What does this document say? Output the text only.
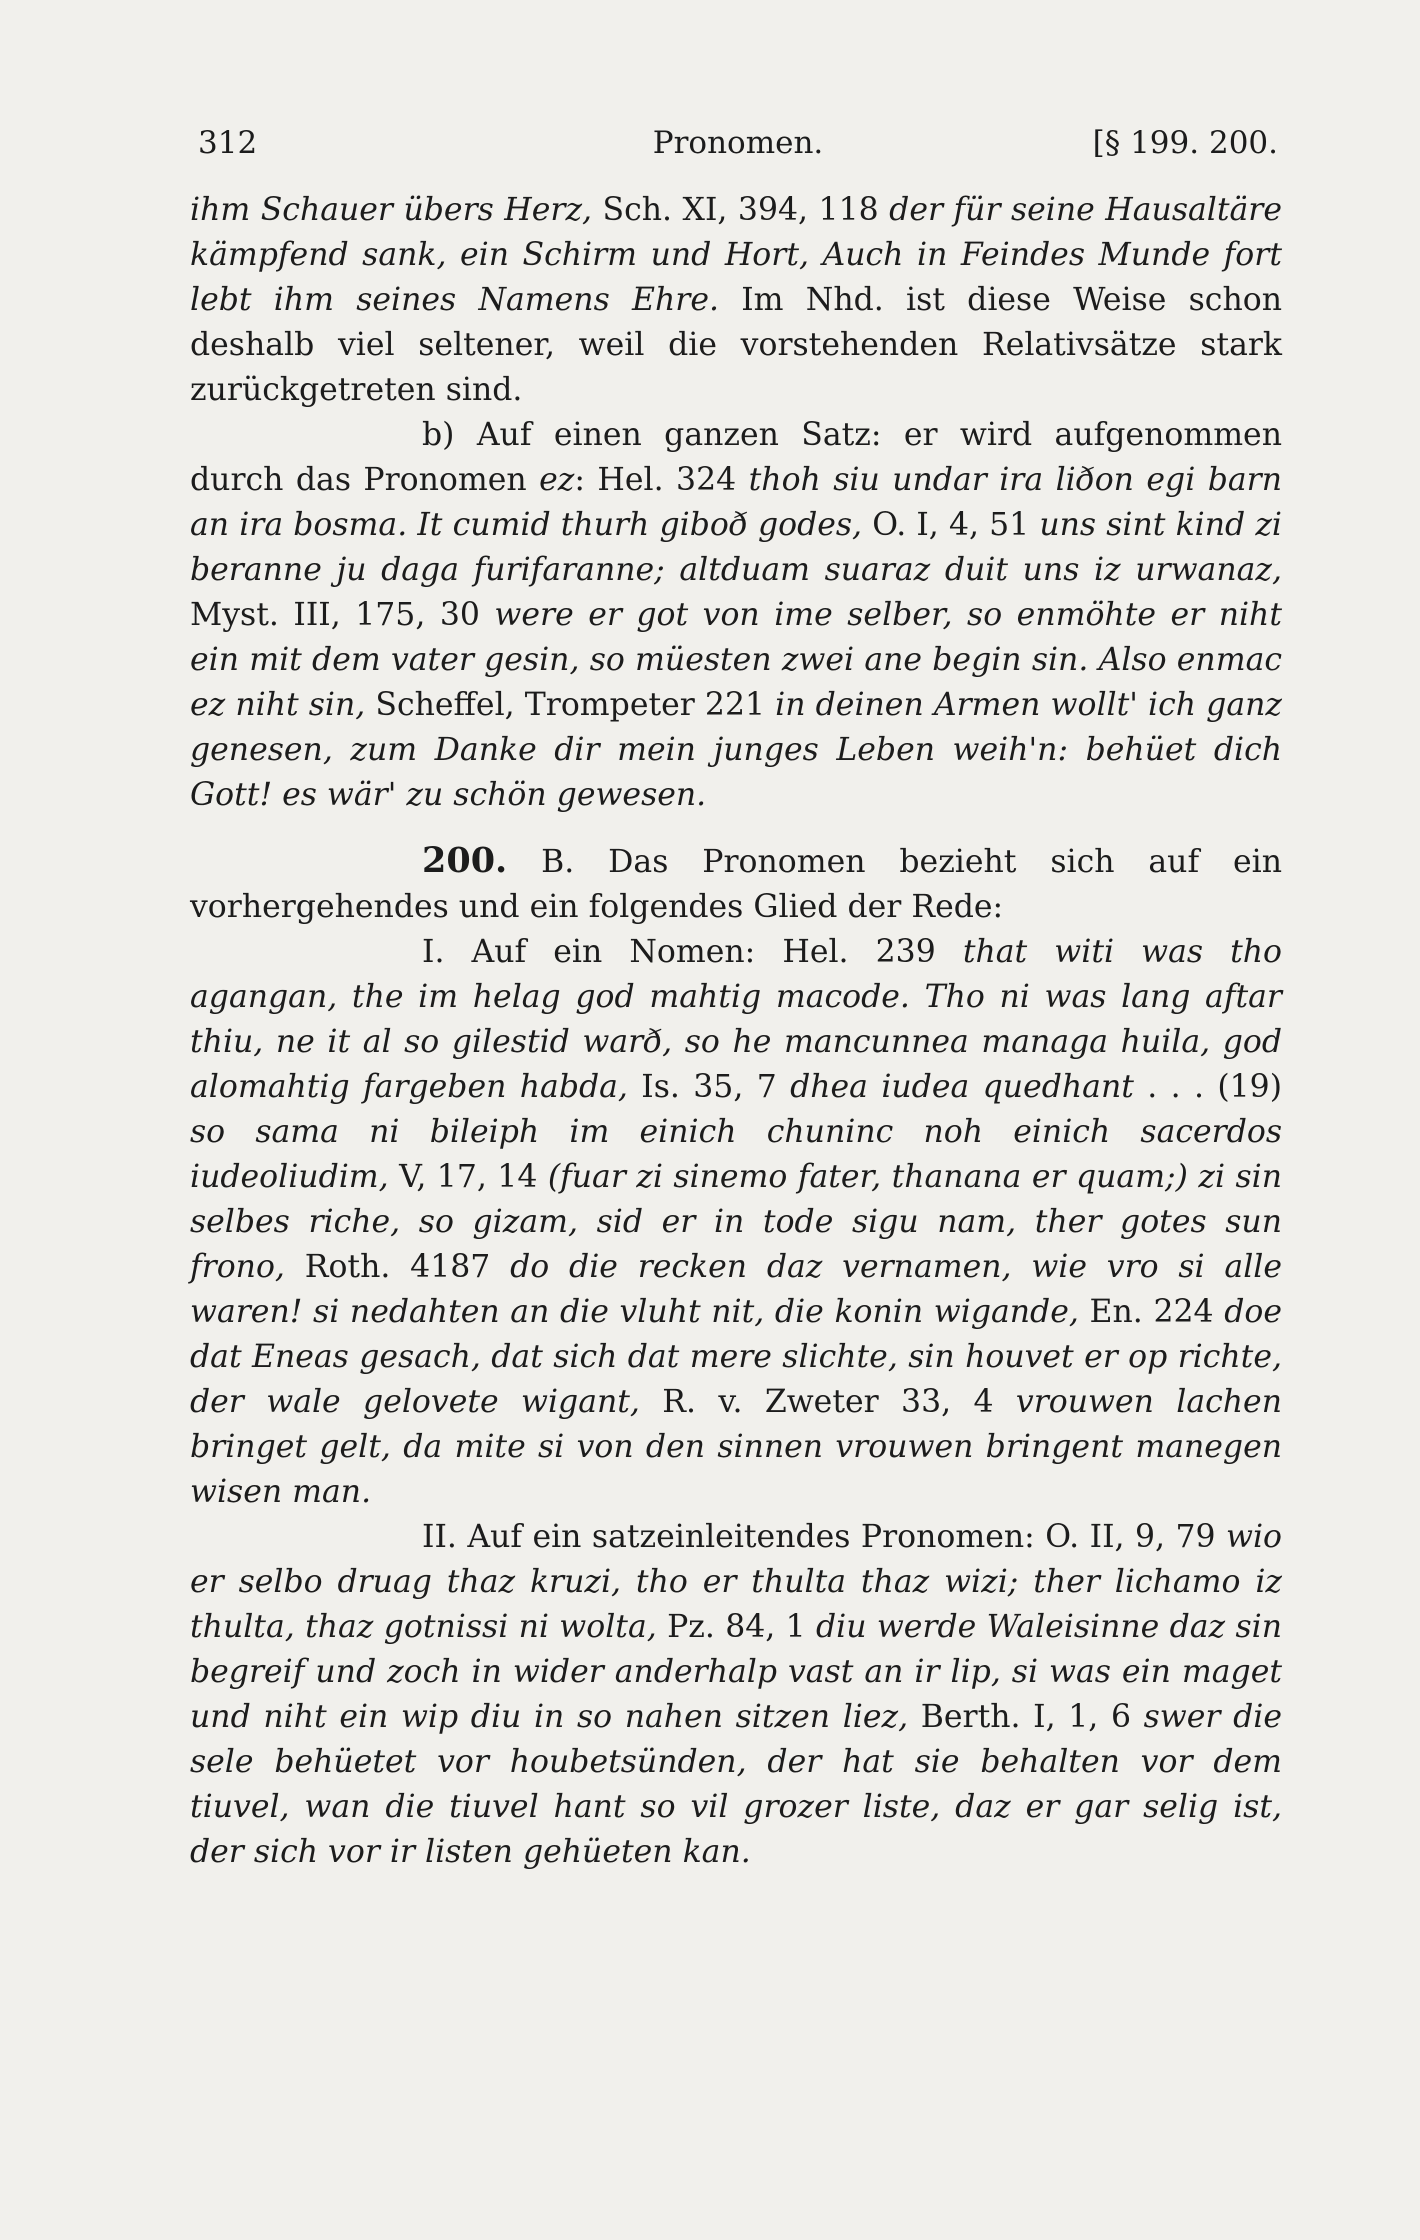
312	Pronomen.	[§ 199. 200.

ihm Schauer übers Herz, Sch. XI, 394, 118 der für seine Hausaltäre kämpfend sank, ein Schirm und Hort, Auch in Feindes Munde fort lebt ihm seines Namens Ehre. Im Nhd. ist diese Weise schon deshalb viel seltener, weil die vorstehenden Relativsätze stark zurückgetreten sind.

b) Auf einen ganzen Satz: er wird aufgenommen durch das Pronomen ez: Hel. 324 thoh siu undar ira liðon egi barn an ira bosma. It cumid thurh giboð godes, O. I, 4, 51 uns sint kind zi beranne ju daga furifaranne; altduam suaraz duit uns iz urwanaz, Myst. III, 175, 30 were er got von ime selber, so enmöhte er niht ein mit dem vater gesin, so müesten zwei ane begin sin. Also enmac ez niht sin, Scheffel, Trompeter 221 in deinen Armen wollt' ich ganz genesen, zum Danke dir mein junges Leben weih'n: behüet dich Gott! es wär' zu schön gewesen.

200. B. Das Pronomen bezieht sich auf ein vorhergehendes und ein folgendes Glied der Rede:

I. Auf ein Nomen: Hel. 239 that witi was tho agangan, the im helag god mahtig macode. Tho ni was lang aftar thiu, ne it al so gilestid warð, so he mancunnea managa huila, god alomahtig fargeben habda, Is. 35, 7 dhea iudea quedhant . . . (19) so sama ni bileiph im einich chuninc noh einich sacerdos iudeoliudim, V, 17, 14 (fuar zi sinemo fater, thanana er quam;) zi sin selbes riche, so gizam, sid er in tode sigu nam, ther gotes sun frono, Roth. 4187 do die recken daz vernamen, wie vro si alle waren! si nedahten an die vluht nit, die konin wigande, En. 224 doe dat Eneas gesach, dat sich dat mere slichte, sin houvet er op richte, der wale gelovete wigant, R. v. Zweter 33, 4 vrouwen lachen bringet gelt, da mite si von den sinnen vrouwen bringent manegen wisen man.

II. Auf ein satzeinleitendes Pronomen: O. II, 9, 79 wio er selbo druag thaz kruzi, tho er thulta thaz wizi; ther lichamo iz thulta, thaz gotnissi ni wolta, Pz. 84, 1 diu werde Waleisinne daz sin begreif und zoch in wider anderhalp vast an ir lip, si was ein maget und niht ein wip diu in so nahen sitzen liez, Berth. I, 1, 6 swer die sele behüetet vor houbetsünden, der hat sie behalten vor dem tiuvel, wan die tiuvel hant so vil grozer liste, daz er gar selig ist, der sich vor ir listen gehüeten kan.
